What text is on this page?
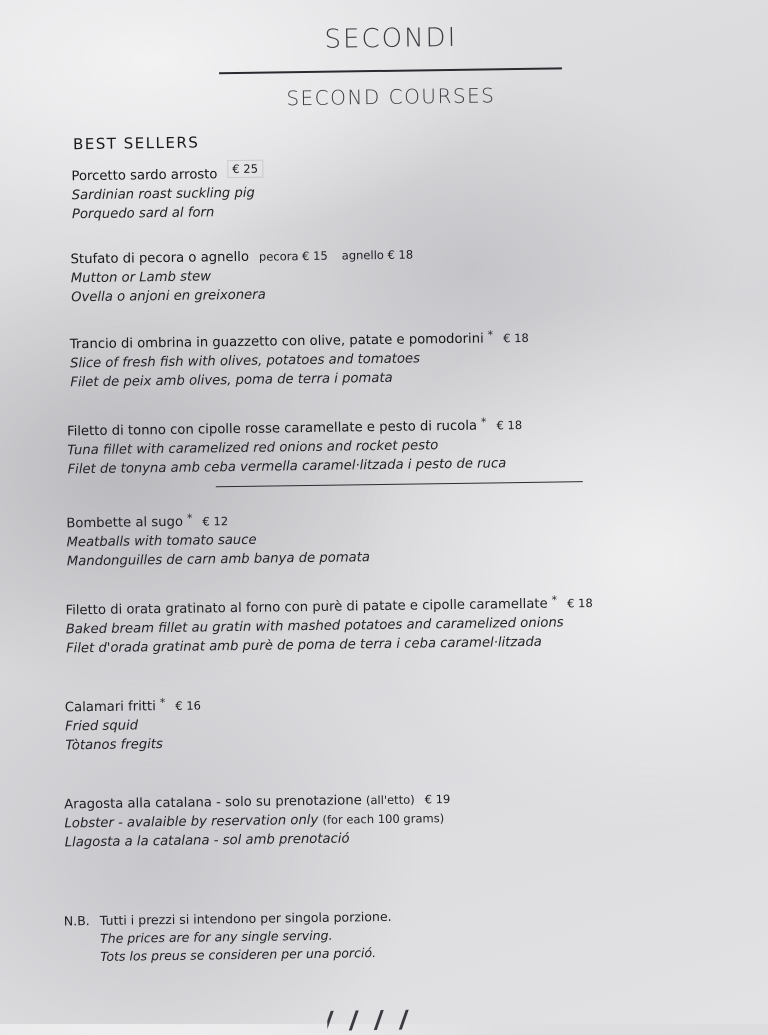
SECONDI
SECOND COURSES
BEST SELLERS
Porcetto sardo arrosto € 25
Sardinian roast suckling pig
Porquedo sard al forn
Stufato di pecora o agnello pecora € 15 agnello € 18
Mutton or Lamb stew
Ovella o anjoni en greixonera
Trancio di ombrina in guazzetto con olive, patate e pomodorini * € 18
Slice of fresh fish with olives, potatoes and tomatoes
Filet de peix amb olives, poma de terra i pomata
Filetto di tonno con cipolle rosse caramellate e pesto di rucola * € 18
Tuna fillet with caramelized red onions and rocket pesto
Filet de tonyna amb ceba vermella caramel·litzada i pesto de ruca
Bombette al sugo * € 12
Meatballs with tomato sauce
Mandonguilles de carn amb banya de pomata
Filetto di orata gratinato al forno con purè di patate e cipolle caramellate * € 18
Baked bream fillet au gratin with mashed potatoes and caramelized onions
Filet d'orada gratinat amb purè de poma de terra i ceba caramel·litzada
Calamari fritti * € 16
Fried squid
Tòtanos fregits
Aragosta alla catalana - solo su prenotazione (all'etto) € 19
Lobster - avalaible by reservation only (for each 100 grams)
Llagosta a la catalana - sol amb prenotació
N.B. Tutti i prezzi si intendono per singola porzione.
The prices are for any single serving.
Tots los preus se consideren per una porció.
